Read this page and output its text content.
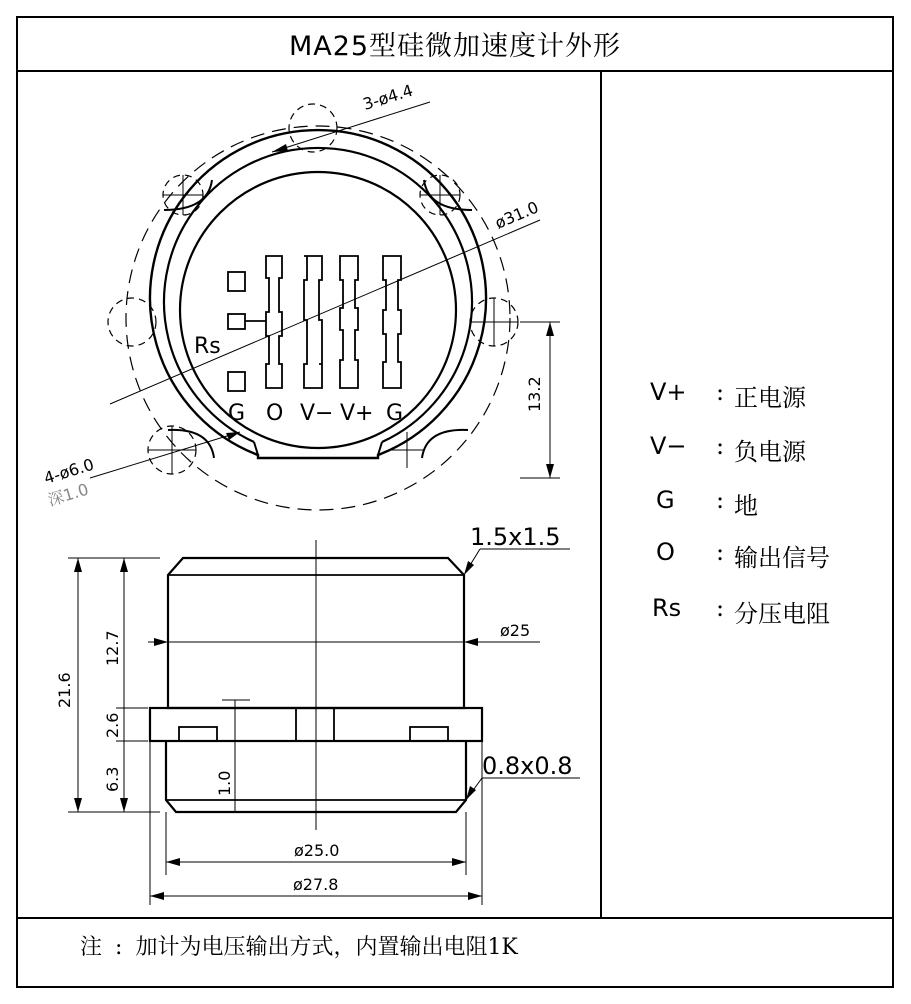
MA25型硅微加速度计外形
3-ø4.4
ø31.0
4-ø6.0
深1.0
13.2
Rs
G O V− V+ G
21.6
12.7
2.6
6.3	1.0
ø25
ø25.0
ø27.8
1.5x1.5
0.8x0.8
V+ : 正电源
V− : 负电源
G : 地
O : 输出信号
Rs : 分压电阻
注 : 加计为电压输出方式，内置输出电阻1K
